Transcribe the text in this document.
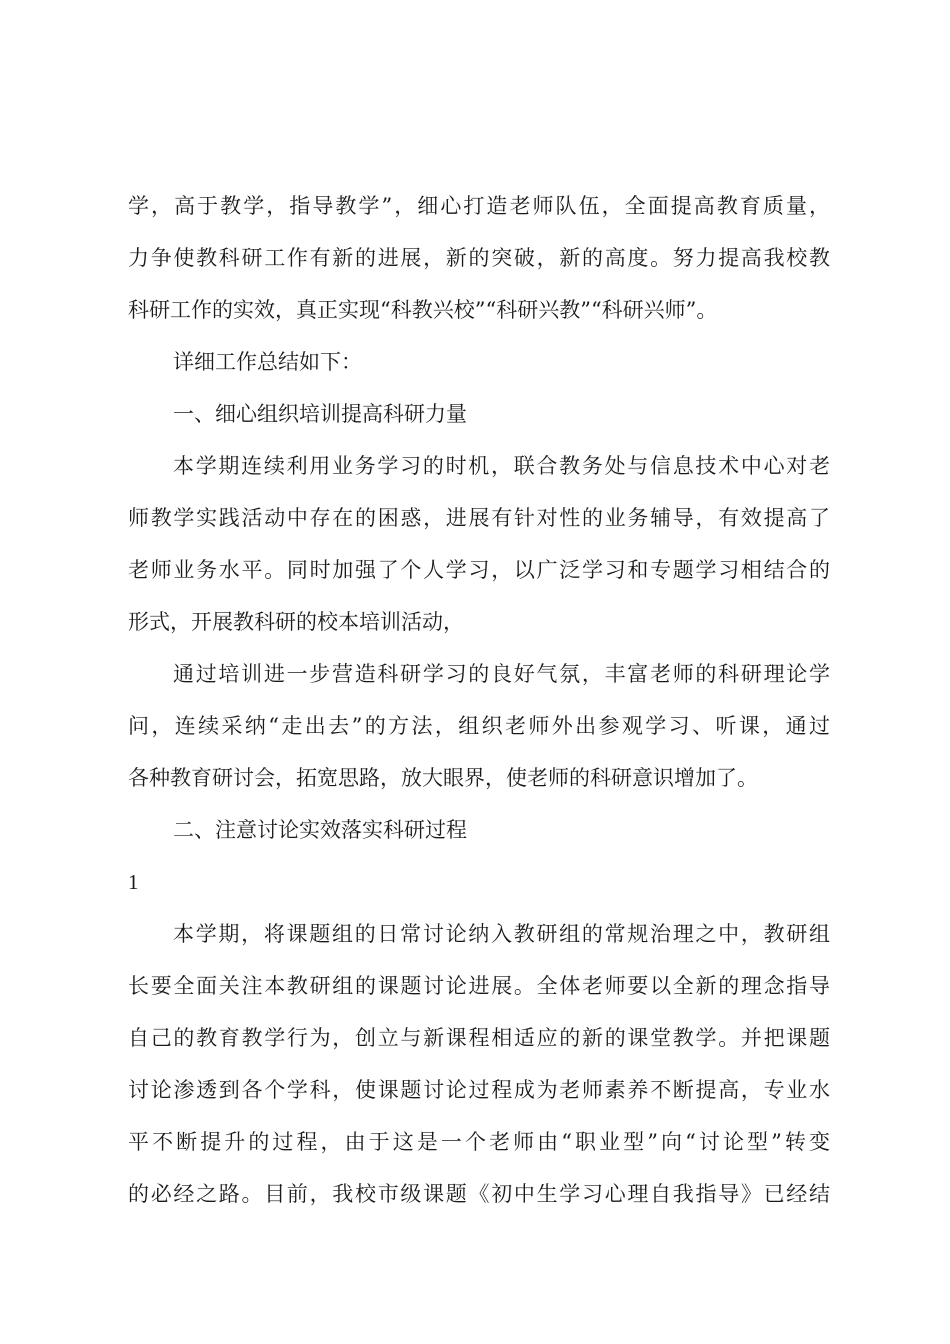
学，高于教学，指导教学”，细心打造老师队伍，全面提高教育质量，
力争使教科研工作有新的进展，新的突破，新的高度。努力提高我校教
科研工作的实效，真正实现“科教兴校”“科研兴教”“科研兴师”。
详细工作总结如下：
一、细心组织培训提高科研力量
本学期连续利用业务学习的时机，联合教务处与信息技术中心对老
师教学实践活动中存在的困惑，进展有针对性的业务辅导，有效提高了
老师业务水平。同时加强了个人学习，以广泛学习和专题学习相结合的
形式，开展教科研的校本培训活动，
通过培训进一步营造科研学习的良好气氛，丰富老师的科研理论学
问，连续采纳“走出去”的方法，组织老师外出参观学习、听课，通过
各种教育研讨会，拓宽思路，放大眼界，使老师的科研意识增加了。
二、注意讨论实效落实科研过程
1
本学期，将课题组的日常讨论纳入教研组的常规治理之中，教研组
长要全面关注本教研组的课题讨论进展。全体老师要以全新的理念指导
自己的教育教学行为，创立与新课程相适应的新的课堂教学。并把课题
讨论渗透到各个学科，使课题讨论过程成为老师素养不断提高，专业水
平不断提升的过程，由于这是一个老师由“职业型”向“讨论型”转变
的必经之路。目前，我校市级课题《初中生学习心理自我指导》已经结
